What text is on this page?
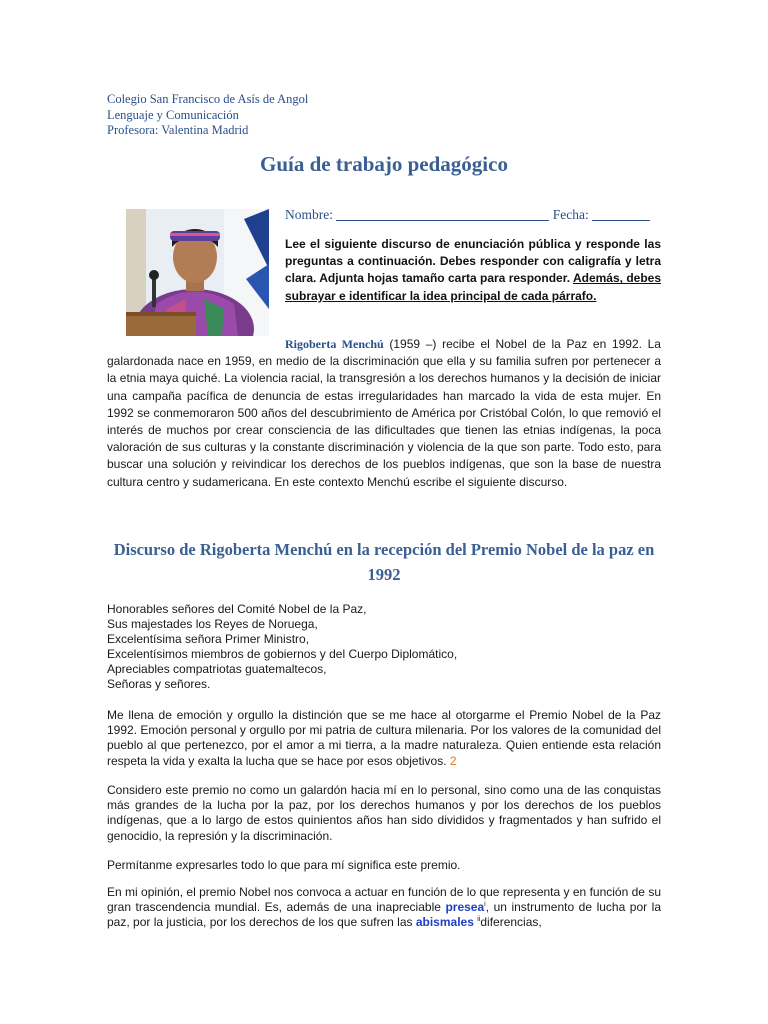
Colegio San Francisco de Asís de Angol
Lenguaje y Comunicación
Profesora: Valentina Madrid
Guía de trabajo pedagógico
Nombre:	Fecha:
Lee el siguiente discurso de enunciación pública y responde las preguntas a continuación. Debes responder con caligrafía y letra clara. Adjunta hojas tamaño carta para responder. Además, debes subrayar e identificar la idea principal de cada párrafo.
Rigoberta Menchú (1959 –) recibe el Nobel de la Paz en 1992. La galardonada nace en 1959, en medio de la discriminación que ella y su familia sufren por pertenecer a la etnia maya quiché. La violencia racial, la transgresión a los derechos humanos y la decisión de iniciar una campaña pacífica de denuncia de estas irregularidades han marcado la vida de esta mujer. En 1992 se conmemoraron 500 años del descubrimiento de América por Cristóbal Colón, lo que removió el interés de muchos por crear consciencia de las dificultades que tienen las etnias indígenas, la poca valoración de sus culturas y la constante discriminación y violencia de la que son parte. Todo esto, para buscar una solución y reivindicar los derechos de los pueblos indígenas, que son la base de nuestra cultura centro y sudamericana. En este contexto Menchú escribe el siguiente discurso.
Discurso de Rigoberta Menchú en la recepción del Premio Nobel de la paz en 1992
Honorables señores del Comité Nobel de la Paz,
Sus majestades los Reyes de Noruega,
Excelentísima señora Primer Ministro,
Excelentísimos miembros de gobiernos y del Cuerpo Diplomático,
Apreciables compatriotas guatemaltecos,
Señoras y señores.
Me llena de emoción y orgullo la distinción que se me hace al otorgarme el Premio Nobel de la Paz 1992. Emoción personal y orgullo por mi patria de cultura milenaria. Por los valores de la comunidad del pueblo al que pertenezco, por el amor a mi tierra, a la madre naturaleza. Quien entiende esta relación respeta la vida y exalta la lucha que se hace por esos objetivos. 2
Considero este premio no como un galardón hacia mí en lo personal, sino como una de las conquistas más grandes de la lucha por la paz, por los derechos humanos y por los derechos de los pueblos indígenas, que a lo largo de estos quinientos años han sido divididos y fragmentados y han sufrido el genocidio, la represión y la discriminación.
Permítanme expresarles todo lo que para mí significa este premio.
En mi opinión, el premio Nobel nos convoca a actuar en función de lo que representa y en función de su gran trascendencia mundial. Es, además de una inapreciable presea$^i$, un instrumento de lucha por la paz, por la justicia, por los derechos de los que sufren las abismales $^{ii}$diferencias,
